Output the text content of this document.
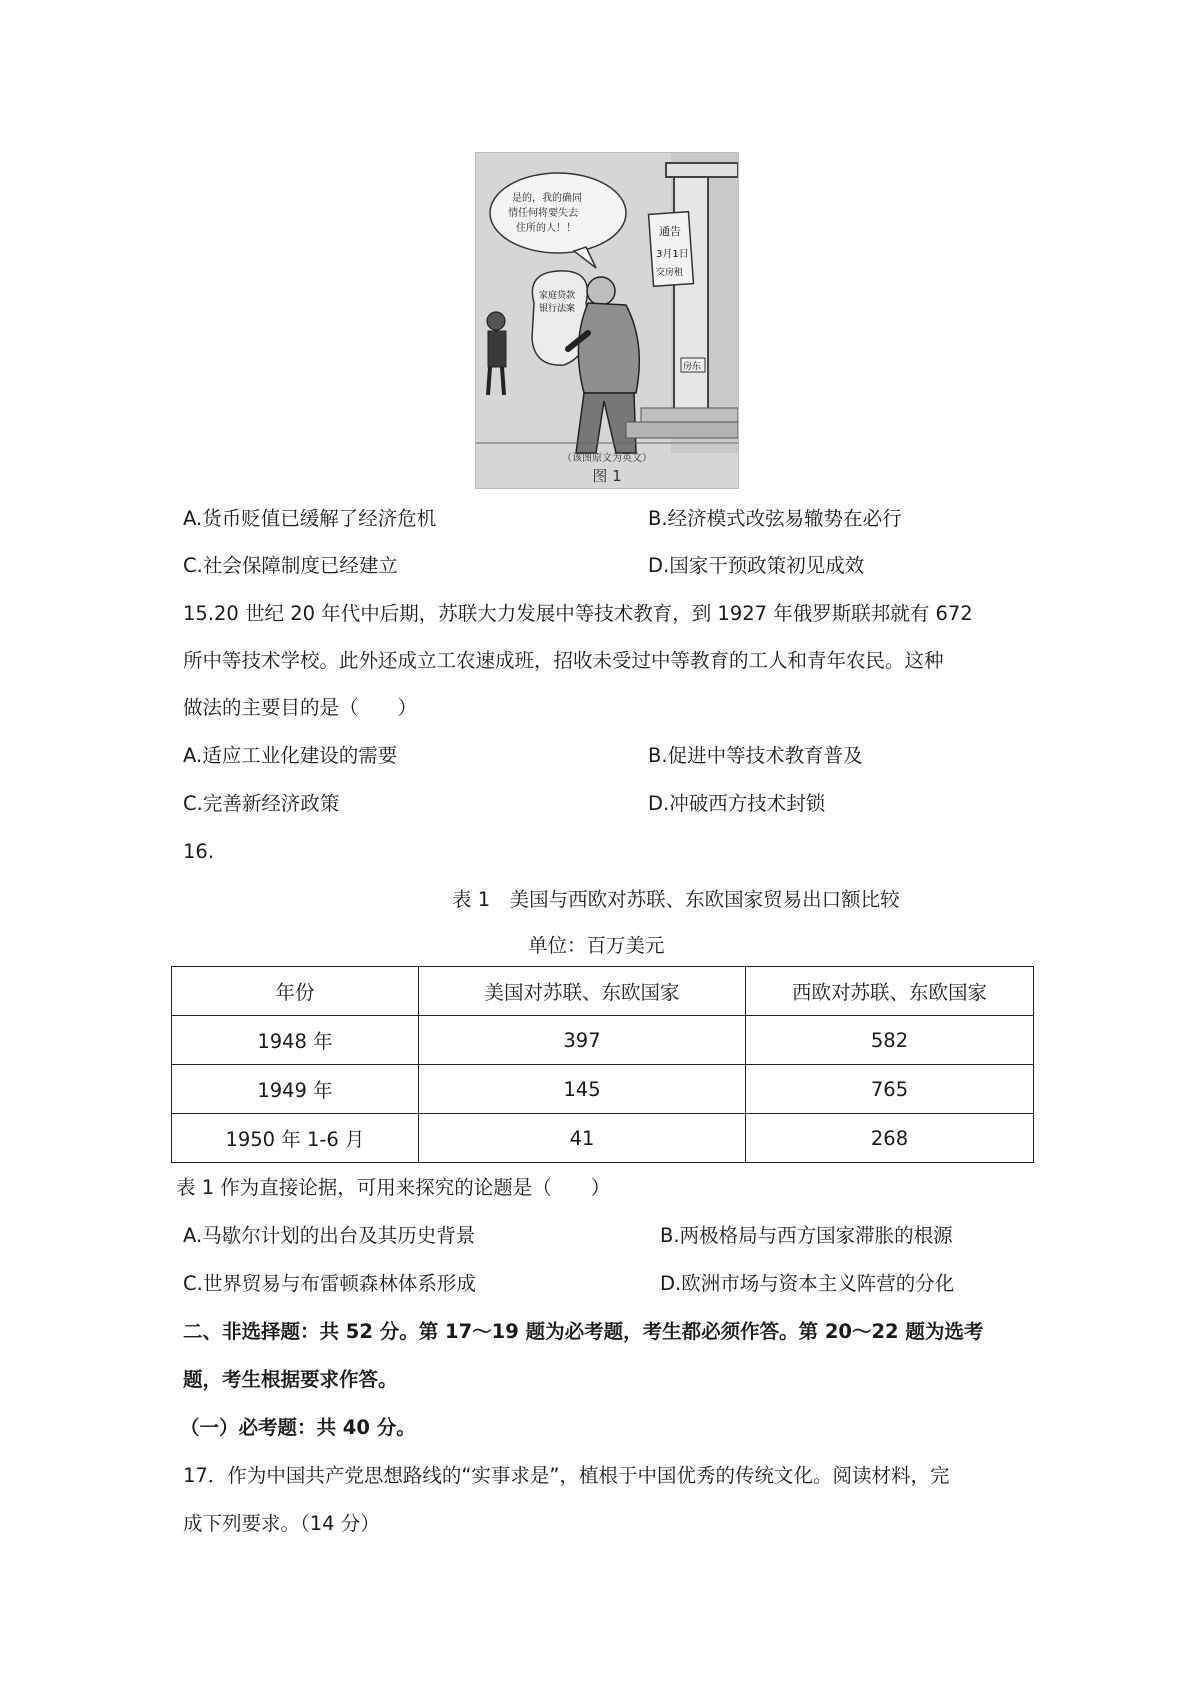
通告
3月1日
交房租
房东
是的，我的确同
情任何将要失去
住所的人！！
家庭贷款
银行法案
（该图原文为英文）
图 1
A.货币贬值已缓解了经济危机	B.经济模式改弦易辙势在必行
C.社会保障制度已经建立	D.国家干预政策初见成效
15.20 世纪 20 年代中后期，苏联大力发展中等技术教育，到 1927 年俄罗斯联邦就有 672
所中等技术学校。此外还成立工农速成班，招收未受过中等教育的工人和青年农民。这种
做法的主要目的是（　　）
A.适应工业化建设的需要	B.促进中等技术教育普及
C.完善新经济政策	D.冲破西方技术封锁
16.
表 1　美国与西欧对苏联、东欧国家贸易出口额比较
单位：百万美元
年份	美国对苏联、东欧国家	西欧对苏联、东欧国家
1948 年	397	582
1949 年	145	765
1950 年 1-6 月	41	268
表 1 作为直接论据，可用来探究的论题是（　　）
A.马歇尔计划的出台及其历史背景	B.两极格局与西方国家滞胀的根源
C.世界贸易与布雷顿森林体系形成	D.欧洲市场与资本主义阵营的分化
二、非选择题：共 52 分。第 17～19 题为必考题，考生都必须作答。第 20～22 题为选考
题，考生根据要求作答。
（一）必考题：共 40 分。
17．作为中国共产党思想路线的“实事求是”，植根于中国优秀的传统文化。阅读材料，完
成下列要求。（14 分）
